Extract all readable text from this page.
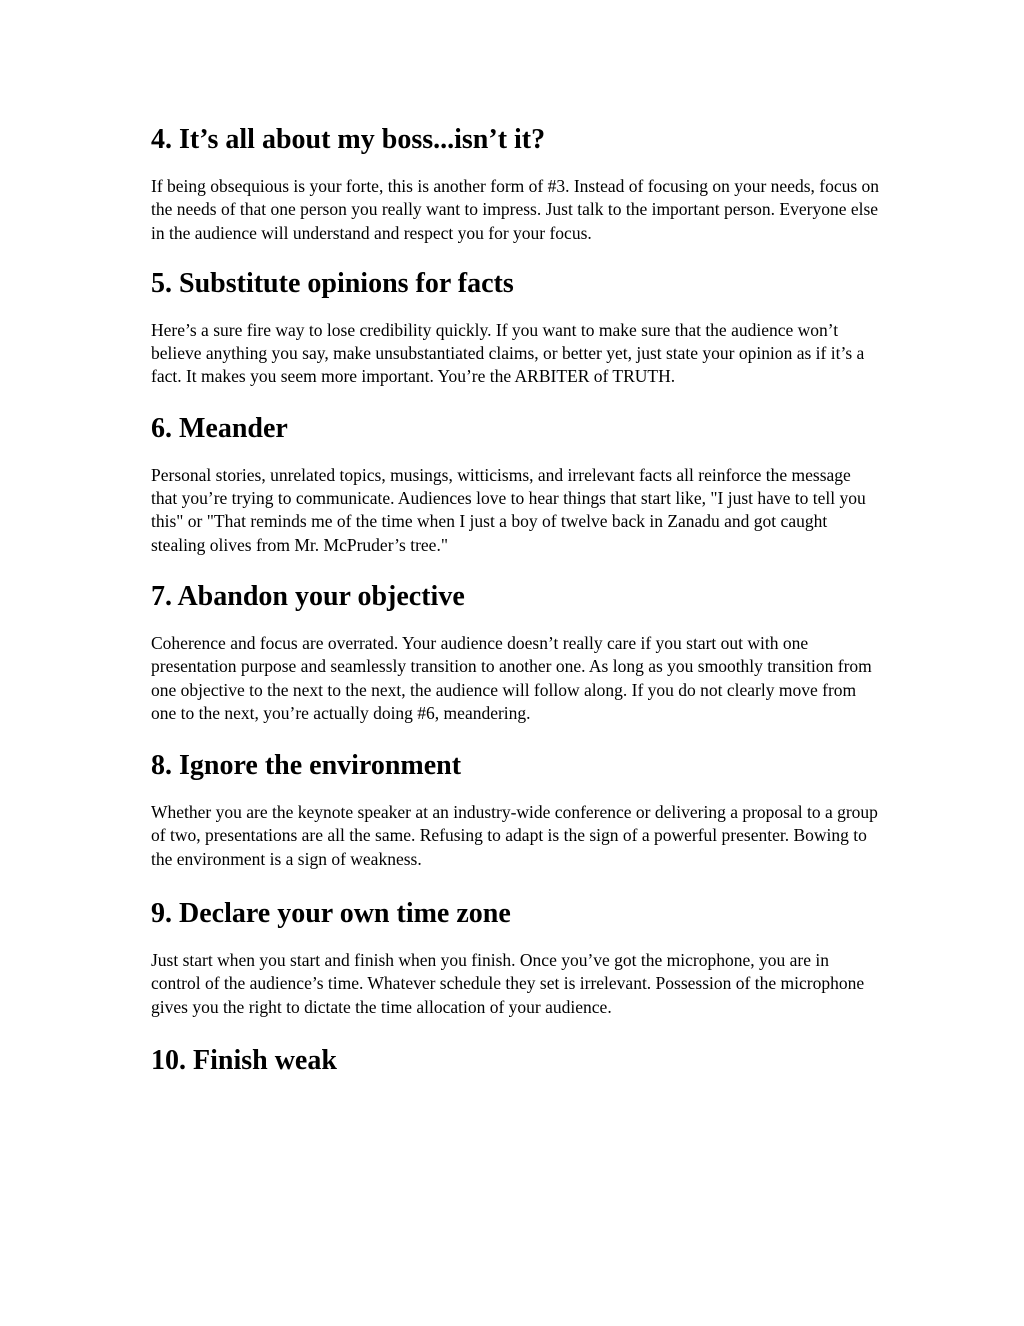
4. It’s all about my boss...isn’t it?

If being obsequious is your forte, this is another form of #3. Instead of focusing on your needs, focus on the needs of that one person you really want to impress. Just talk to the important person. Everyone else in the audience will understand and respect you for your focus.

5. Substitute opinions for facts

Here’s a sure fire way to lose credibility quickly. If you want to make sure that the audience won’t believe anything you say, make unsubstantiated claims, or better yet, just state your opinion as if it’s a fact. It makes you seem more important. You’re the ARBITER of TRUTH.

6. Meander

Personal stories, unrelated topics, musings, witticisms, and irrelevant facts all reinforce the message that you’re trying to communicate. Audiences love to hear things that start like, "I just have to tell you this" or "That reminds me of the time when I just a boy of twelve back in Zanadu and got caught stealing olives from Mr. McPruder’s tree."

7. Abandon your objective

Coherence and focus are overrated. Your audience doesn’t really care if you start out with one presentation purpose and seamlessly transition to another one. As long as you smoothly transition from one objective to the next to the next, the audience will follow along. If you do not clearly move from one to the next, you’re actually doing #6, meandering.

8. Ignore the environment

Whether you are the keynote speaker at an industry-wide conference or delivering a proposal to a group of two, presentations are all the same. Refusing to adapt is the sign of a powerful presenter. Bowing to the environment is a sign of weakness.

9. Declare your own time zone

Just start when you start and finish when you finish. Once you’ve got the microphone, you are in control of the audience’s time. Whatever schedule they set is irrelevant. Possession of the microphone gives you the right to dictate the time allocation of your audience.

10. Finish weak
